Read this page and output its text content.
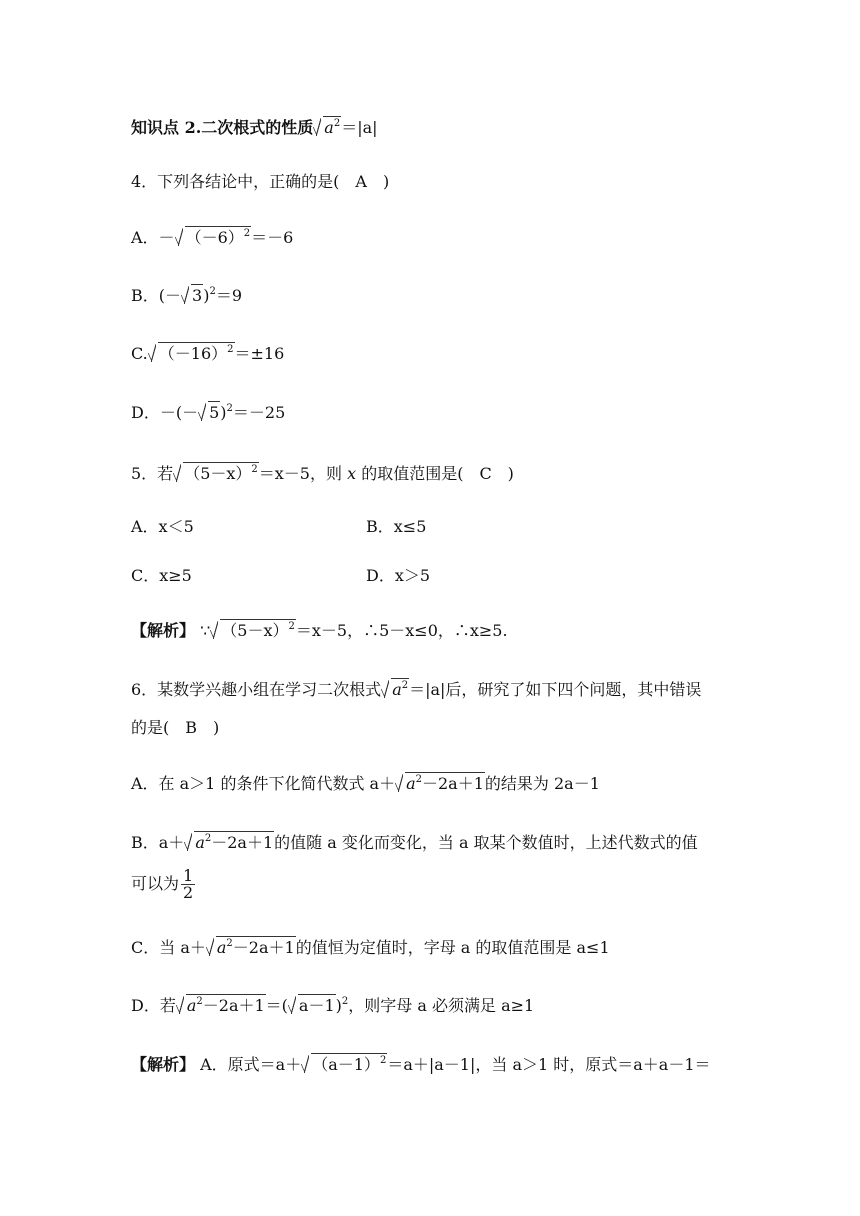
知识点 2.二次根式的性质 $a^2=|a|$
4．下列各结论中，正确的是(　A　)
A．－ $(-6)^2=-6$
B．(－ 3)$^2$＝9
C. $(-16)^2=\pm 16$
D．－(－ 5)$^2$＝－25
5．若 $(5-x)^2=x-5$，则 x 的取值范围是(　C　)
A．x＜5	B．x≤5
C．x≥5	D．x＞5
【解析】 ∵ $(5-x)^2=x-5$，∴5－x≤0，∴x≥5.
6．某数学兴趣小组在学习二次根式 $a^2=|a|$后，研究了如下四个问题，其中错误
的是(　B　)
A．在 a＞1 的条件下化简代数式 $a+ a^2-2a+1$的结果为 2a－1
B．$a+ a^2-2a+1$的值随 a 变化而变化，当 a 取某个数值时，上述代数式的值
可以为 $\frac{1}{2}$
C．当 $a+ a^2-2a+1$的值恒为定值时，字母 a 的取值范围是 a≤1
D．若 $a^2-2a+1=$( a－1)$^2$，则字母 a 必须满足 a≥1
【解析】 A．原式$=a+ (a-1)^2=a+|a-1|$，当 a＞1 时，原式＝a＋a－1＝
